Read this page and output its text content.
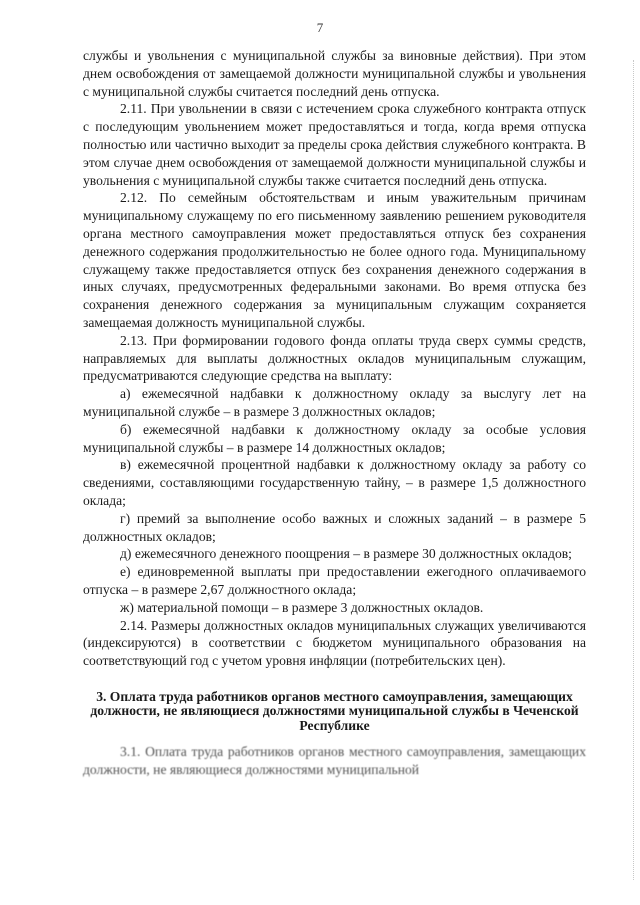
7

службы и увольнения с муниципальной службы за виновные действия). При этом днем освобождения от замещаемой должности муниципальной службы и увольнения с муниципальной службы считается последний день отпуска.

2.11. При увольнении в связи с истечением срока служебного контракта отпуск с последующим увольнением может предоставляться и тогда, когда время отпуска полностью или частично выходит за пределы срока действия служебного контракта. В этом случае днем освобождения от замещаемой должности муниципальной службы и увольнения с муниципальной службы также считается последний день отпуска.

2.12. По семейным обстоятельствам и иным уважительным причинам муниципальному служащему по его письменному заявлению решением руководителя органа местного самоуправления может предоставляться отпуск без сохранения денежного содержания продолжительностью не более одного года. Муниципальному служащему также предоставляется отпуск без сохранения денежного содержания в иных случаях, предусмотренных федеральными законами. Во время отпуска без сохранения денежного содержания за муниципальным служащим сохраняется замещаемая должность муниципальной службы.

2.13. При формировании годового фонда оплаты труда сверх суммы средств, направляемых для выплаты должностных окладов муниципальным служащим, предусматриваются следующие средства на выплату:

а) ежемесячной надбавки к должностному окладу за выслугу лет на муниципальной службе – в размере 3 должностных окладов;

б) ежемесячной надбавки к должностному окладу за особые условия муниципальной службы – в размере 14 должностных окладов;

в) ежемесячной процентной надбавки к должностному окладу за работу со сведениями, составляющими государственную тайну, – в размере 1,5 должностного оклада;

г) премий за выполнение особо важных и сложных заданий – в размере 5 должностных окладов;

д) ежемесячного денежного поощрения – в размере 30 должностных окладов;

е) единовременной выплаты при предоставлении ежегодного оплачиваемого отпуска – в размере 2,67 должностного оклада;

ж) материальной помощи – в размере 3 должностных окладов.

2.14. Размеры должностных окладов муниципальных служащих увеличиваются (индексируются) в соответствии с бюджетом муниципального образования на соответствующий год с учетом уровня инфляции (потребительских цен).

3. Оплата труда работников органов местного самоуправления, замещающих должности, не являющиеся должностями муниципальной службы в Чеченской Республике

3.1. Оплата труда работников органов местного самоуправления, замещающих должности, не являющиеся должностями муниципальной
